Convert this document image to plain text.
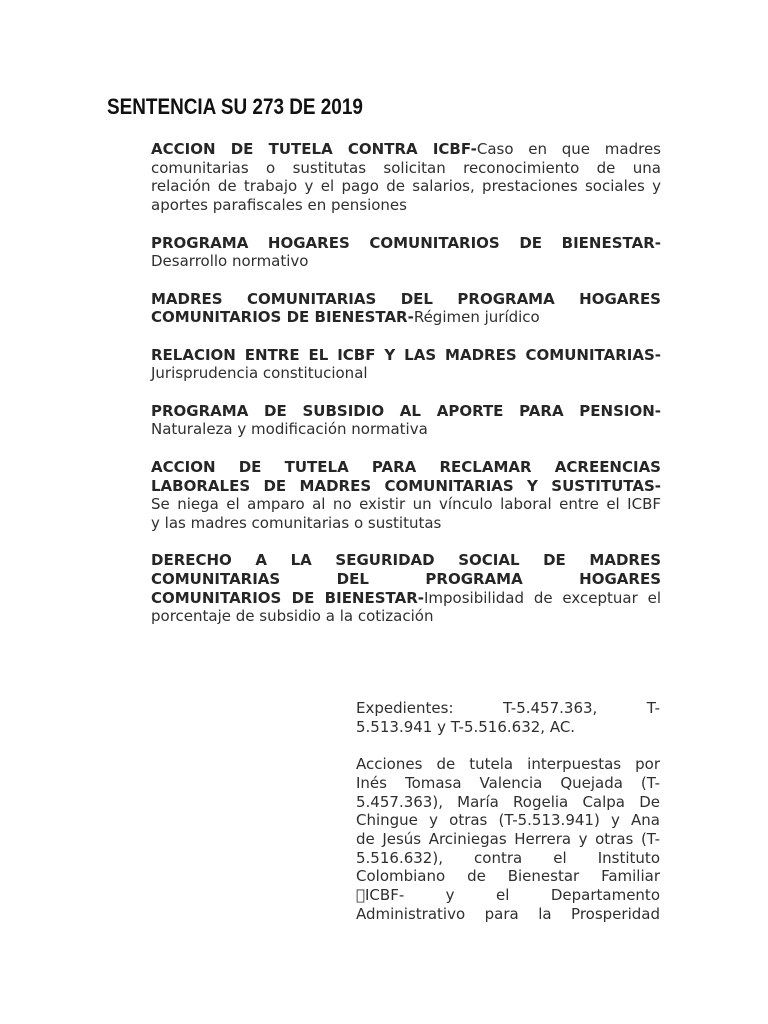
SENTENCIA SU 273 DE 2019
ACCION DE TUTELA CONTRA ICBF-Caso en que madres
comunitarias o sustitutas solicitan reconocimiento de una
relación de trabajo y el pago de salarios, prestaciones sociales y
aportes parafiscales en pensiones
PROGRAMA HOGARES COMUNITARIOS DE BIENESTAR-
Desarrollo normativo
MADRES COMUNITARIAS DEL PROGRAMA HOGARES
COMUNITARIOS DE BIENESTAR-Régimen jurídico
RELACION ENTRE EL ICBF Y LAS MADRES COMUNITARIAS-
Jurisprudencia constitucional
PROGRAMA DE SUBSIDIO AL APORTE PARA PENSION-
Naturaleza y modificación normativa
ACCION DE TUTELA PARA RECLAMAR ACREENCIAS
LABORALES DE MADRES COMUNITARIAS Y SUSTITUTAS-
Se niega el amparo al no existir un vínculo laboral entre el ICBF
y las madres comunitarias o sustitutas
DERECHO A LA SEGURIDAD SOCIAL DE MADRES
COMUNITARIAS DEL PROGRAMA HOGARES
COMUNITARIOS DE BIENESTAR-Imposibilidad de exceptuar el
porcentaje de subsidio a la cotización
Expedientes: T-5.457.363, T-
5.513.941 y T-5.516.632, AC.
Acciones de tutela interpuestas por
Inés Tomasa Valencia Quejada (T-
5.457.363), María Rogelia Calpa De
Chingue y otras (T-5.513.941) y Ana
de Jesús Arciniegas Herrera y otras (T-
5.516.632), contra el Instituto
Colombiano de Bienestar Familiar
ICBF- y el Departamento
Administrativo para la Prosperidad
